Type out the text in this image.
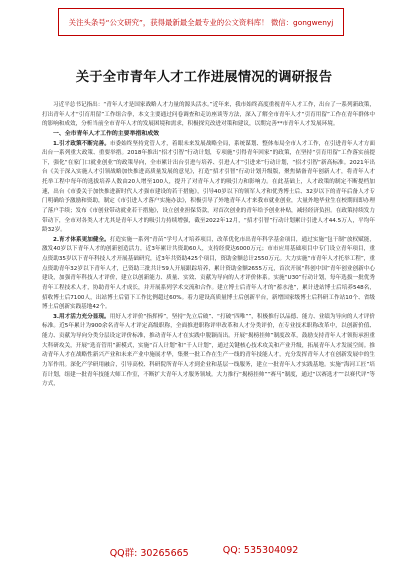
关注头条号“公文研究”，获得最新最全最专业的公文资料库！ 微信：gongwenyj
关于全市青年人才工作进展情况的调研报告

习近平总书记指出：“青年人才是国家战略人才力量的源头活水。”近年来，我市始终高度重视青年人才工作，出台了一系列新政策，打出青年人才“引育用留”工作组合拳，本文主要通过问卷调查和走访座谈等方法，深入了解全市青年人才“引育用留”工作在青年群体中的影响和成效，分析当前全市青年人才的发展困境和需求，积极探究改进对策和建议，以期完善**市青年人才发展环境。

一、全市青年人才工作的主要举措和成效

1.引才政策不断完善。市委始终坚持党管人才，着眼未来发展战略全局，系统谋划、整体布局全市人才工作，在引进青年人才方面出台一系列重大政策、重要举措。2018年推出“招才引智”行动计划，专项施“引得青年回家”的政策，在坚持“引育用留”工作落实前提下，强化“在家门口就业创业”的政策导向，全市累计出台引进与培养、引进人才“引进来”行动计划，“招才引智”新高标准。2021年出台《关于深入实施人才引领战略加快推进高质量发展的意见》，打造“招才引智”行动计划升级版，聚焦储备青年创新人才，将青年人才托举工程中每年的选拔培养人数由20人增至100人，提升了对青年人才的吸引力和影响力。在此基础上，人才政策的制定不断提档加速，出台《市委关于加快推进新时代人才强市建设的若干措施》，引导40岁以下的领军人才和优秀博士后、32岁以下的青年后备人才专门明确给予激励和资助，制定《市引进人才落户实施办法》，积极引导了外地青年人才来我市就业创业，大量外地毕业生在校期间即办理了落户手续；发布《市创业带动就业若干措施》，设立创业担保贷款，对首次创业的青年给予创业补贴，减轻经济负担。在政策持续发力带动下，全市对各类人才尤其是青年人才的吸引力持续增强，截至2022年12月，“招才引智”行动计划累计引进人才44.5万人，平均年龄32岁。

2.育才体系更加健全。打造实施一系列“青苗”学号人才培养项目，改革优化市出青年科学基金项目，通过实施“包干制”放权赋能，激发40岁以下青年人才的创新创造活力，近3年累计共资助60人，支持经费达6000万元；市市应用基础项目中专门设立青年项目，重点资助35岁以下青年科技人才开展基础研究，近3年共资助425个项目，资助金额总计2550万元。大力实施“市青年人才托举工程”，重点资助青年32岁以下青年人才，已资助三批共计59人开展跟踪培养，累计资助金额2655万元，首次开展“科创中国”青年创业创新中心建设，加强青年科技人才评价，建立以创新能力、质量、实效、贡献为导向的人才评价体系。实施“U30”行动计划，每年选拔一批优秀青年工程技术人才，协助青年人才成长，并开展系列学术交流和合作。建立博士后青年人才的“蓄水池”，累计进站博士后培养548名，招收博士后7100人，出站博士后留下工作比例超过60%。着力建设高质量博士后创新平台，新增国家级博士后科研工作站10个、省级博士后创新实践基地42个。

3.用才活力充分显现。用好人才评价“指挥棒”，坚持“先立后破”、“打破“四唯””，积极推行以品德、能力、业绩为导向的人才评价标准。近5年累计为900余名青年人才评定高级职称，全面推进职称评审改革和人才分类评价，在专业技术职称改革中，以创新价值、能力、贡献为导向分类分层设定评价标准，推动青年人才在实践中脱颖而出。开展“揭榜挂帅”制度改革，鼓励支持青年人才领衔承担重大科研攻关，开展“选育管用”新模式，实施“百人计划”和“千人计划”，通过关键核心技术攻关和产业升级，拓展青年人才发展空间。推动青年人才在战略性新兴产业和未来产业中施展才华，集聚一批工作在生产一线的青年技能人才，充分发挥青年人才在创新发展中的生力军作用。深化产学研用融合，引导高校、科研院所青年人才到企业和基层一线服务，建立一批青年人才实践基地。实施“海河工匠”培育计划，组建一批青年技能大师工作室，不断扩大青年人才服务领域。大力推行“揭榜挂帅”“赛马”制度，通过“以赛选才”“以赛代评”等方式，

QQ群: 30265665	QQ: 535304092
